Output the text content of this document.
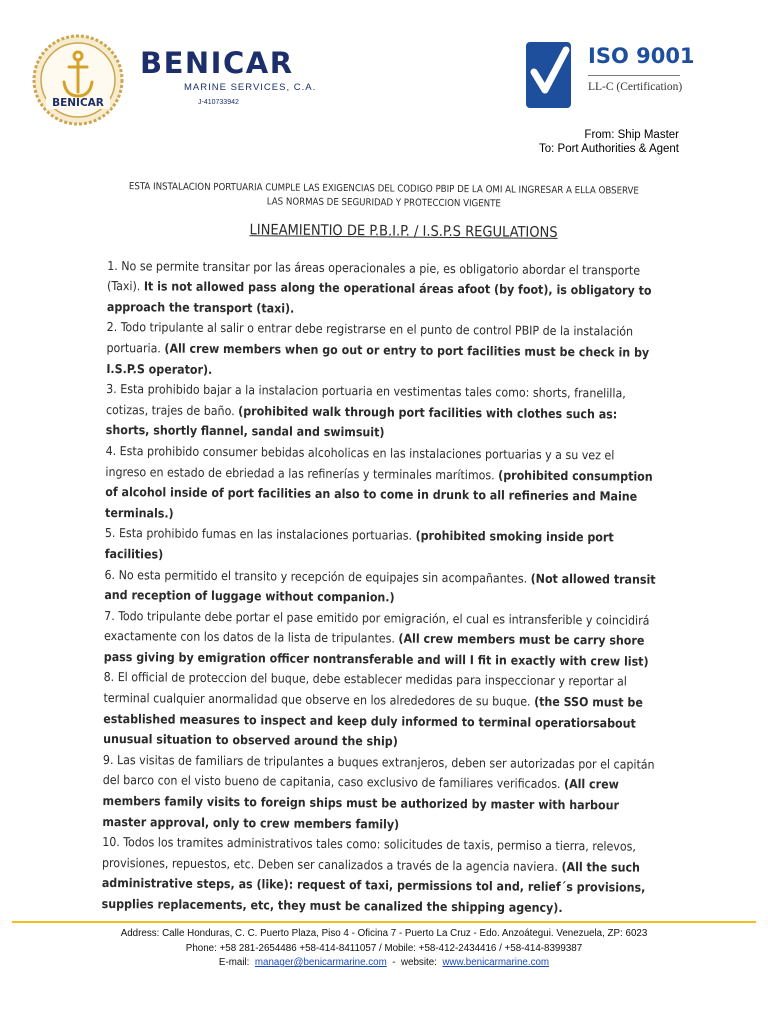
BENICAR
BENICAR
MARINE SERVICES, C.A.
J-410733942
ISO 9001
LL-C (Certification)
From: Ship Master
To: Port Authorities & Agent
ESTA INSTALACION PORTUARIA CUMPLE LAS EXIGENCIAS DEL CODIGO PBIP DE LA OMI AL INGRESAR A ELLA OBSERVE
LAS NORMAS DE SEGURIDAD Y PROTECCION VIGENTE
LINEAMIENTIO DE P.B.I.P. / I.S.P.S REGULATIONS

1. No se permite transitar por las áreas operacionales a pie, es obligatorio abordar el transporte (Taxi). It is not allowed pass along the operational áreas afoot (by foot), is obligatory to approach the transport (taxi).

2. Todo tripulante al salir o entrar debe registrarse en el punto de control PBIP de la instalación portuaria. (All crew members when go out or entry to port facilities must be check in by I.S.P.S operator).

3. Esta prohibido bajar a la instalacion portuaria en vestimentas tales como: shorts, franelilla, cotizas, trajes de baño. (prohibited walk through port facilities with clothes such as: shorts, shortly flannel, sandal and swimsuit)

4. Esta prohibido consumer bebidas alcoholicas en las instalaciones portuarias y a su vez el ingreso en estado de ebriedad a las refinerías y terminales marítimos. (prohibited consumption of alcohol inside of port facilities an also to come in drunk to all refineries and Maine terminals.)

5. Esta prohibido fumas en las instalaciones portuarias. (prohibited smoking inside port facilities)

6. No esta permitido el transito y recepción de equipajes sin acompañantes. (Not allowed transit and reception of luggage without companion.)

7. Todo tripulante debe portar el pase emitido por emigración, el cual es intransferible y coincidirá exactamente con los datos de la lista de tripulantes. (All crew members must be carry shore pass giving by emigration officer nontransferable and will I fit in exactly with crew list)

8. El official de proteccion del buque, debe establecer medidas para inspeccionar y reportar al terminal cualquier anormalidad que observe en los alrededores de su buque. (the SSO must be established measures to inspect and keep duly informed to terminal operatiorsabout unusual situation to observed around the ship)

9. Las visitas de familiars de tripulantes a buques extranjeros, deben ser autorizadas por el capitán del barco con el visto bueno de capitania, caso exclusivo de familiares verificados. (All crew members family visits to foreign ships must be authorized by master with harbour master approval, only to crew members family)

10. Todos los tramites administrativos tales como: solicitudes de taxis, permiso a tierra, relevos, provisiones, repuestos, etc. Deben ser canalizados a través de la agencia naviera. (All the such administrative steps, as (like): request of taxi, permissions tol and, relief´s provisions, supplies replacements, etc, they must be canalized the shipping agency).

Address: Calle Honduras, C. C. Puerto Plaza, Piso 4 - Oficina 7 - Puerto La Cruz - Edo. Anzoátegui. Venezuela, ZP: 6023
Phone: +58 281-2654486 +58-414-8411057 / Mobile: +58-412-2434416 / +58-414-8399387
E-mail: manager@benicarmarine.com - website: www.benicarmarine.com
